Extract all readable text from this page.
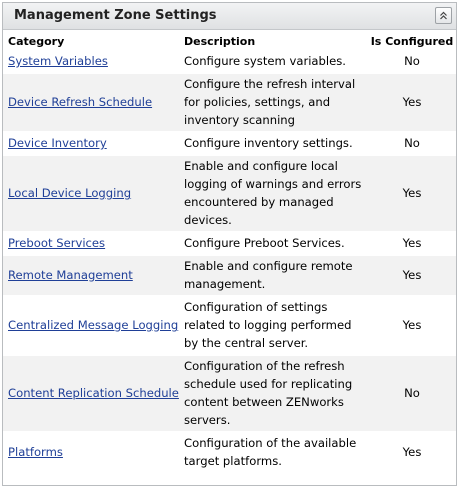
Management Zone Settings
Category	Description	Is Configured
System Variables	Configure system variables.	No
Device Refresh Schedule	Configure the refresh interval for policies, settings, and inventory scanning	Yes
Device Inventory	Configure inventory settings.	No
Local Device Logging	Enable and configure local logging of warnings and errors encountered by managed devices.	Yes
Preboot Services	Configure Preboot Services.	Yes
Remote Management	Enable and configure remote management.	Yes
Centralized Message Logging	Configuration of settings related to logging performed by the central server.	Yes
Content Replication Schedule	Configuration of the refresh schedule used for replicating content between ZENworks servers.	No
Platforms	Configuration of the available target platforms.	Yes
